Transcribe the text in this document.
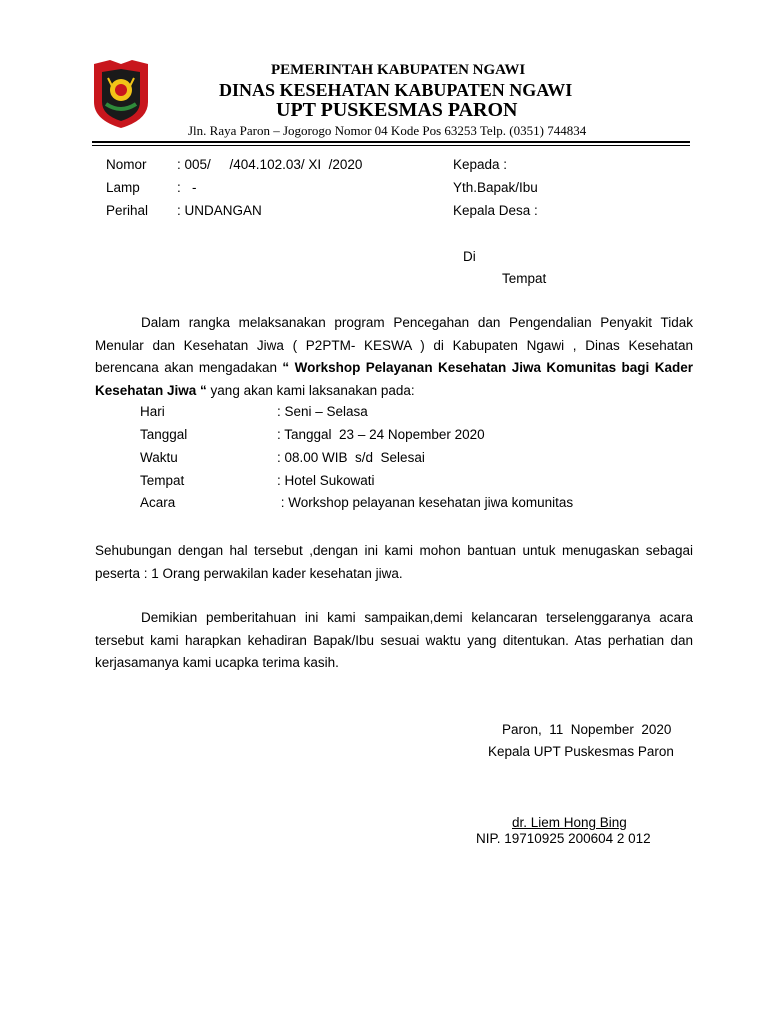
PEMERINTAH KABUPATEN NGAWI
DINAS KESEHATAN KABUPATEN NGAWI
UPT PUSKESMAS PARON
Jln. Raya Paron – Jogorogo Nomor 04 Kode Pos 63253 Telp. (0351) 744834
Nomor : 005/     /404.102.03/ XI  /2020
Lamp	:   -
Perihal : UNDANGAN
Kepada :
Yth.Bapak/Ibu
Kepala Desa :
Di
Tempat
Dalam rangka melaksanakan program Pencegahan dan Pengendalian Penyakit Tidak Menular dan Kesehatan Jiwa ( P2PTM- KESWA ) di Kabupaten Ngawi , Dinas Kesehatan berencana akan mengadakan “ Workshop Pelayanan Kesehatan Jiwa Komunitas bagi Kader Kesehatan Jiwa “ yang akan kami laksanakan pada:
Hari	: Seni – Selasa
Tanggal	: Tanggal  23 – 24 Nopember 2020
Waktu	: 08.00 WIB  s/d  Selesai
Tempat	: Hotel Sukowati
Acara	: Workshop pelayanan kesehatan jiwa komunitas
Sehubungan dengan hal tersebut ,dengan ini kami mohon bantuan untuk menugaskan sebagai peserta : 1 Orang perwakilan kader kesehatan jiwa.
Demikian pemberitahuan ini kami sampaikan,demi kelancaran terselenggaranya acara tersebut kami harapkan kehadiran Bapak/Ibu sesuai waktu yang ditentukan. Atas perhatian dan kerjasamanya kami ucapka terima kasih.
Paron,  11  Nopember  2020
Kepala UPT Puskesmas Paron
dr. Liem Hong Bing
NIP. 19710925 200604 2 012
